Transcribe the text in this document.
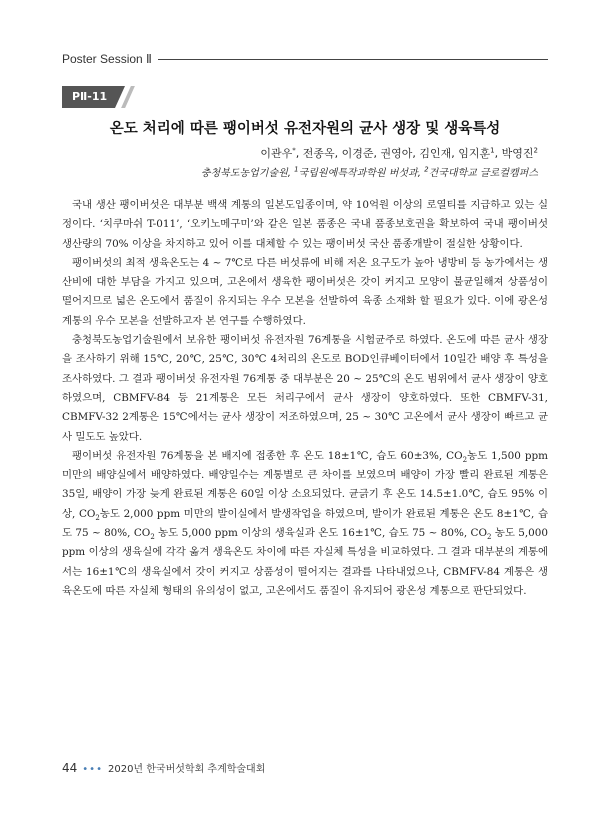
Poster Session Ⅱ
PⅡ-11
온도 처리에 따른 팽이버섯 유전자원의 균사 생장 및 생육특성
이관우*, 전종옥, 이경준, 권영아, 김인재, 임지훈$^1$, 박영진$^2$
충청북도농업기술원, $^1$국립원예특작과학원 버섯과, $^2$건국대학교 글로컬캠퍼스

국내 생산 팽이버섯은 대부분 백색 계통의 일본도입종이며, 약 10억원 이상의 로열티를 지급하고 있는 실정이다. ‘치쿠마쉬 T-011’, ‘오키노메구미’와 같은 일본 품종은 국내 품종보호권을 확보하여 국내 팽이버섯 생산량의 70% 이상을 차지하고 있어 이를 대체할 수 있는 팽이버섯 국산 품종개발이 절실한 상황이다.

팽이버섯의 최적 생육온도는 4 ~ 7℃로 다른 버섯류에 비해 저온 요구도가 높아 냉방비 등 농가에서는 생산비에 대한 부담을 가지고 있으며, 고온에서 생육한 팽이버섯은 갓이 커지고 모양이 불균일해져 상품성이 떨어지므로 넓은 온도에서 품질이 유지되는 우수 모본을 선발하여 육종 소재화 할 필요가 있다. 이에 광온성 계통의 우수 모본을 선발하고자 본 연구를 수행하였다.

충청북도농업기술원에서 보유한 팽이버섯 유전자원 76계통을 시험균주로 하였다. 온도에 따른 균사 생장을 조사하기 위해 15℃, 20℃, 25℃, 30℃ 4처리의 온도로 BOD인큐베이터에서 10일간 배양 후 특성을 조사하였다. 그 결과 팽이버섯 유전자원 76계통 중 대부분은 20 ~ 25℃의 온도 범위에서 균사 생장이 양호하였으며, CBMFV-84 등 21계통은 모든 처리구에서 균사 생장이 양호하였다. 또한 CBMFV-31, CBMFV-32 2계통은 15℃에서는 균사 생장이 저조하였으며, 25 ~ 30℃ 고온에서 균사 생장이 빠르고 균사 밀도도 높았다.

팽이버섯 유전자원 76계통을 본 배지에 접종한 후 온도 18±1℃, 습도 60±3%, $CO_2$농도 1,500 ppm 미만의 배양실에서 배양하였다. 배양일수는 계통별로 큰 차이를 보였으며 배양이 가장 빨리 완료된 계통은 35일, 배양이 가장 늦게 완료된 계통은 60일 이상 소요되었다. 균긁기 후 온도 14.5±1.0℃, 습도 95% 이상, $CO_2$농도 2,000 ppm 미만의 발이실에서 발생작업을 하였으며, 발이가 완료된 계통은 온도 8±1℃, 습도 75 ~ 80%, $CO_2$ 농도 5,000 ppm 이상의 생육실과 온도 16±1℃, 습도 75 ~ 80%, $CO_2$ 농도 5,000 ppm 이상의 생육실에 각각 옮겨 생육온도 차이에 따른 자실체 특성을 비교하였다. 그 결과 대부분의 계통에서는 16±1℃의 생육실에서 갓이 커지고 상품성이 떨어지는 결과를 나타내었으나, CBMFV-84 계통은 생육온도에 따른 자실체 형태의 유의성이 없고, 고온에서도 품질이 유지되어 광온성 계통으로 판단되었다.

44 ••• 2020년 한국버섯학회 추계학술대회
